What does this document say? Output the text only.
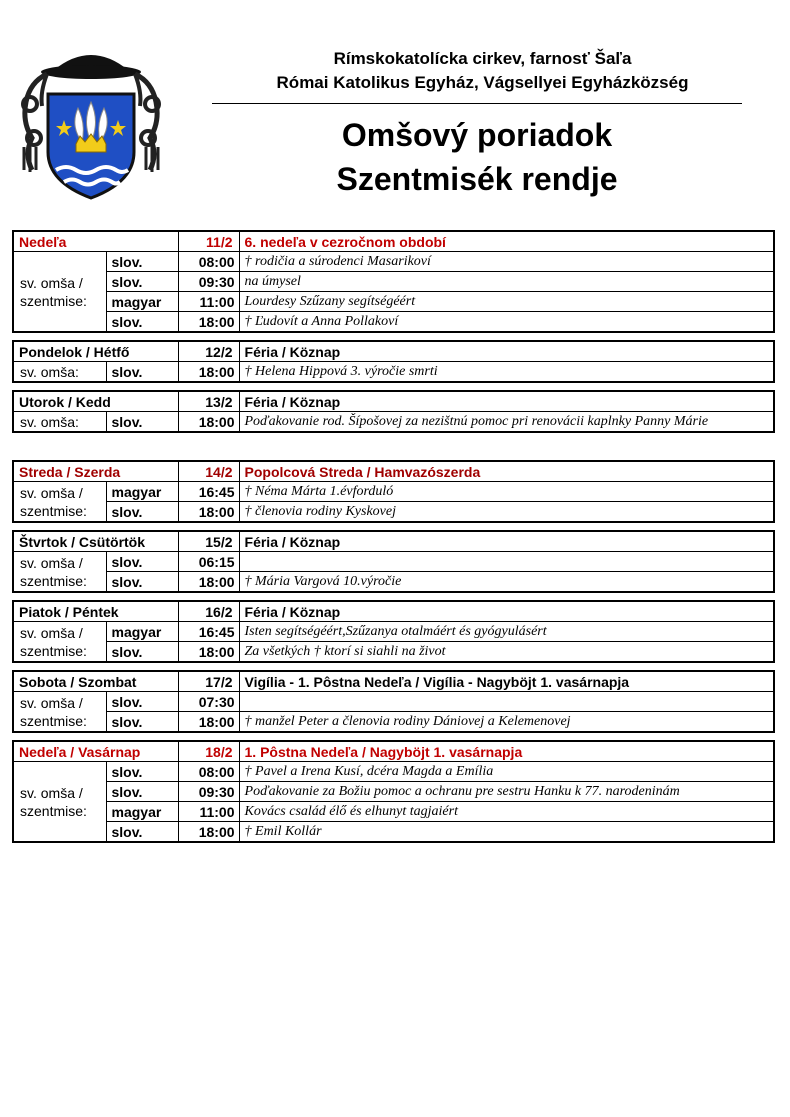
Rímskokatolícka cirkev, farnosť Šaľa
Római Katolikus Egyház, Vágsellyei Egyházközség
Omšový poriadok
Szentmisék rendje
Nedeľa		11/2	6. nedeľa v cezročnom období
sv. omša / szentmise:	slov.	08:00	† rodičia a súrodenci Masarikoví
	slov.	09:30	na úmysel
	magyar	11:00	Lourdesy Szűzany segítségéért
	slov.	18:00	† Ľudovít a Anna Pollakoví
Pondelok / Hétfő		12/2	Féria / Köznap
sv. omša:	slov.	18:00	† Helena Hippová 3. výročie smrti
Utorok / Kedd		13/2	Féria / Köznap
sv. omša:	slov.	18:00	Poďakovanie rod. Šípošovej za nezištnú pomoc pri renovácii kaplnky Panny Márie
Streda / Szerda		14/2	Popolcová Streda / Hamvazószerda
sv. omša / szentmise:	magyar	16:45	† Néma Márta 1.évforduló
	slov.	18:00	† členovia rodiny Kyskovej
Štvrtok / Csütörtök		15/2	Féria / Köznap
sv. omša / szentmise:	slov.	06:15	
	slov.	18:00	† Mária Vargová 10.výročie
Piatok / Péntek		16/2	Féria / Köznap
sv. omša / szentmise:	magyar	16:45	Isten segítségéért,Szűzanya otalmáért és gyógyulásért
	slov.	18:00	Za všetkých † ktorí si siahli na život
Sobota / Szombat		17/2	Vigília - 1. Pôstna Nedeľa / Vigília - Nagyböjt 1. vasárnapja
sv. omša / szentmise:	slov.	07:30	
	slov.	18:00	† manžel Peter a členovia rodiny Dániovej a Kelemenovej
Nedeľa / Vasárnap		18/2	1. Pôstna Nedeľa / Nagyböjt 1. vasárnapja
sv. omša / szentmise:	slov.	08:00	† Pavel a Irena Kusí, dcéra Magda a Emília
	slov.	09:30	Poďakovanie za Božiu pomoc a ochranu pre sestru Hanku k 77. narodeninám
	magyar	11:00	Kovács család élő és elhunyt tagjaiért
	slov.	18:00	† Emil Kollár
